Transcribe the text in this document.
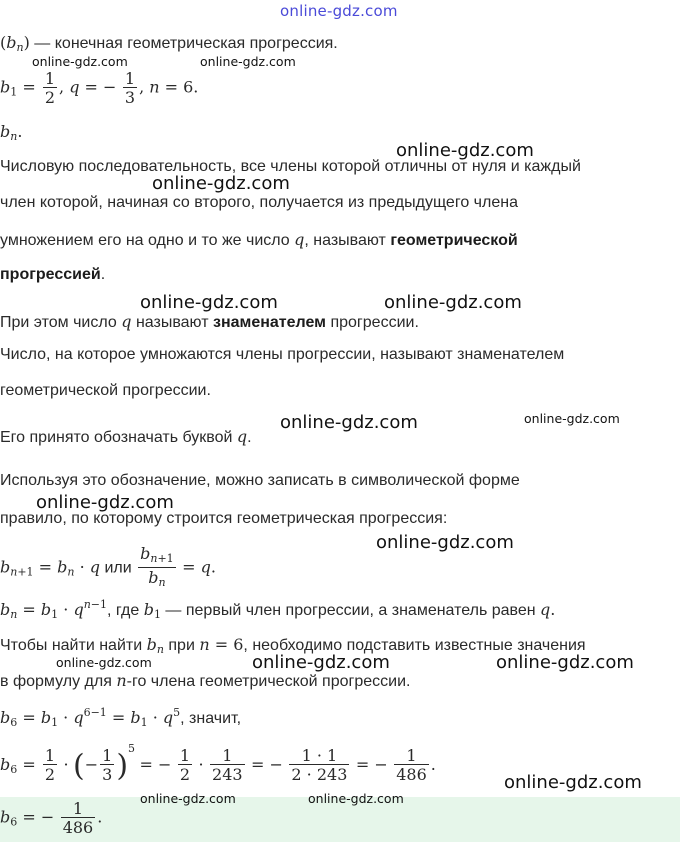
online-gdz.com
$(b_n)$ — конечная геометрическая прогрессия.
$b_1 = \frac{1}{2}$ , q = − $\frac{1}{3}$ , n = 6.
$b_n$.
Числовую последовательность, все члены которой отличны от нуля и каждый
член которой, начиная со второго, получается из предыдущего члена
умножением его на одно и то же число q, называют геометрической
прогрессией.
При этом число q называют знаменателем прогрессии.
Число, на которое умножаются члены прогрессии, называют знаменателем
геометрической прогрессии.
Его принято обозначать буквой q.
Используя это обозначение, можно записать в символической форме
правило, по которому строится геометрическая прогрессия:
$b_{n+1} = b_n \cdot q$ или $\frac{b_{n+1}}{b_n} = q$.
$b_n = b_1 \cdot q^{n-1}$, где $b_1$ — первый член прогрессии, а знаменатель равен q.
Чтобы найти найти $b_n$ при n = 6, необходимо подставить известные значения
в формулу для n-го члена геометрической прогрессии.
$b_6 = b_1 \cdot q^{6-1} = b_1 \cdot q^5$, значит,
$b_6 = \frac{1}{2}$ · (− $\frac{1}{3} )^5$ = − $\frac{1}{2} \cdot \frac{1}{243}$ = − $\frac{1 \cdot 1}{2 \cdot 243}$ = − $\frac{1}{486}$ .
$b_6$ = − $\frac{1}{486}$ .
online-gdz.com	online-gdz.com
online-gdz.com
online-gdz.com
online-gdz.com	online-gdz.com
online-gdz.com	online-gdz.com
online-gdz.com
online-gdz.com
online-gdz.com	online-gdz.com	online-gdz.com
online-gdz.com
online-gdz.com	online-gdz.com
